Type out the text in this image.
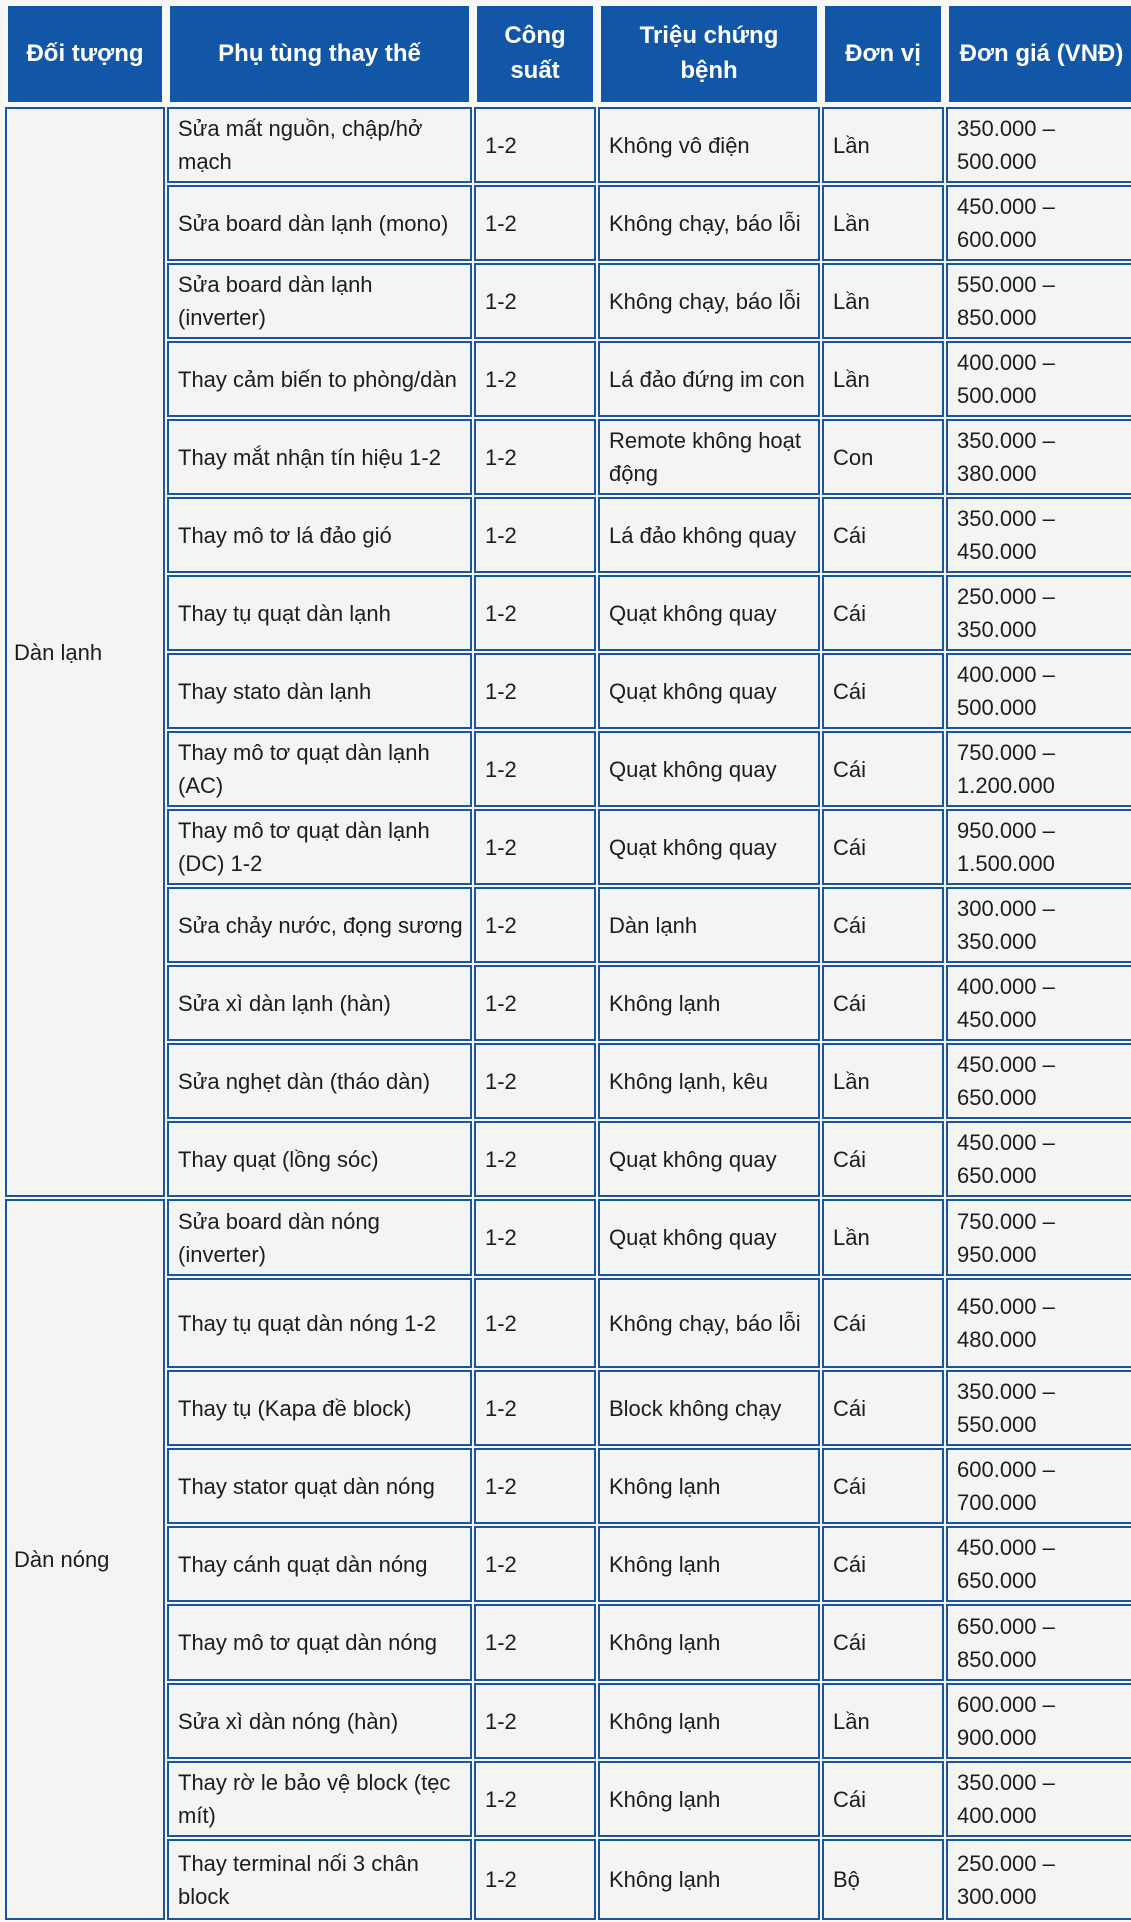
Đối tượng	Phụ tùng thay thế	Công suất	Triệu chứng bệnh	Đơn vị	Đơn giá (VNĐ)
Dàn lạnh	Sửa mất nguồn, chập/hở mạch	1-2	Không vô điện	Lần	350.000 – 500.000
	Sửa board dàn lạnh (mono)	1-2	Không chạy, báo lỗi	Lần	450.000 – 600.000
	Sửa board dàn lạnh (inverter)	1-2	Không chạy, báo lỗi	Lần	550.000 – 850.000
	Thay cảm biến to phòng/dàn	1-2	Lá đảo đứng im con	Lần	400.000 – 500.000
	Thay mắt nhận tín hiệu 1-2	1-2	Remote không hoạt động	Con	350.000 – 380.000
	Thay mô tơ lá đảo gió	1-2	Lá đảo không quay	Cái	350.000 – 450.000
	Thay tụ quạt dàn lạnh	1-2	Quạt không quay	Cái	250.000 – 350.000
	Thay stato dàn lạnh	1-2	Quạt không quay	Cái	400.000 – 500.000
	Thay mô tơ quạt dàn lạnh (AC)	1-2	Quạt không quay	Cái	750.000 – 1.200.000
	Thay mô tơ quạt dàn lạnh (DC) 1-2	1-2	Quạt không quay	Cái	950.000 – 1.500.000
	Sửa chảy nước, đọng sương	1-2	Dàn lạnh	Cái	300.000 – 350.000
	Sửa xì dàn lạnh (hàn)	1-2	Không lạnh	Cái	400.000 – 450.000
	Sửa nghẹt dàn (tháo dàn)	1-2	Không lạnh, kêu	Lần	450.000 – 650.000
	Thay quạt (lồng sóc)	1-2	Quạt không quay	Cái	450.000 – 650.000
Dàn nóng	Sửa board dàn nóng (inverter)	1-2	Quạt không quay	Lần	750.000 – 950.000
	Thay tụ quạt dàn nóng 1-2	1-2	Không chạy, báo lỗi	Cái	450.000 – 480.000
	Thay tụ (Kapa đề block)	1-2	Block không chạy	Cái	350.000 – 550.000
	Thay stator quạt dàn nóng	1-2	Không lạnh	Cái	600.000 – 700.000
	Thay cánh quạt dàn nóng	1-2	Không lạnh	Cái	450.000 – 650.000
	Thay mô tơ quạt dàn nóng	1-2	Không lạnh	Cái	650.000 – 850.000
	Sửa xì dàn nóng (hàn)	1-2	Không lạnh	Lần	600.000 – 900.000
	Thay rờ le bảo vệ block (tẹc mít)	1-2	Không lạnh	Cái	350.000 – 400.000
	Thay terminal nối 3 chân block	1-2	Không lạnh	Bộ	250.000 – 300.000
